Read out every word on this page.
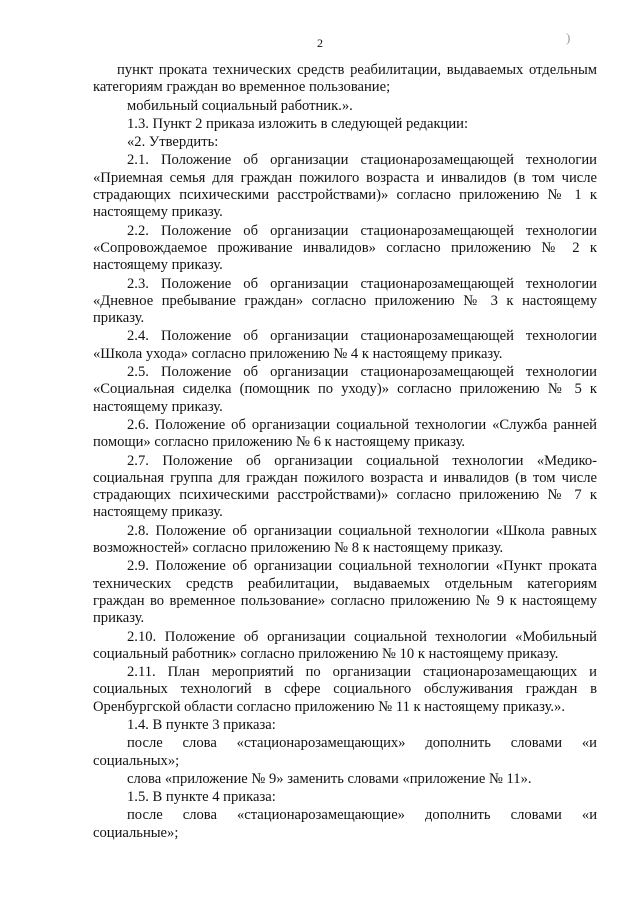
2	)

пункт проката технических средств реабилитации, выдаваемых отдельным категориям граждан во временное пользование;

мобильный социальный работник.».

1.3. Пункт 2 приказа изложить в следующей редакции:

«2. Утвердить:

2.1. Положение об организации стационарозамещающей технологии «Приемная семья для граждан пожилого возраста и инвалидов (в том числе страдающих психическими расстройствами)» согласно приложению № 1 к настоящему приказу.

2.2. Положение об организации стационарозамещающей технологии «Сопровождаемое проживание инвалидов» согласно приложению № 2 к настоящему приказу.

2.3. Положение об организации стационарозамещающей технологии «Дневное пребывание граждан» согласно приложению № 3 к настоящему приказу.

2.4. Положение об организации стационарозамещающей технологии «Школа ухода» согласно приложению № 4 к настоящему приказу.

2.5. Положение об организации стационарозамещающей технологии «Социальная сиделка (помощник по уходу)» согласно приложению № 5 к настоящему приказу.

2.6. Положение об организации социальной технологии «Служба ранней помощи» согласно приложению № 6 к настоящему приказу.

2.7. Положение об организации социальной технологии «Медико-социальная группа для граждан пожилого возраста и инвалидов (в том числе страдающих психическими расстройствами)» согласно приложению № 7 к настоящему приказу.

2.8. Положение об организации социальной технологии «Школа равных возможностей» согласно приложению № 8 к настоящему приказу.

2.9. Положение об организации социальной технологии «Пункт проката технических средств реабилитации, выдаваемых отдельным категориям граждан во временное пользование» согласно приложению № 9 к настоящему приказу.

2.10. Положение об организации социальной технологии «Мобильный социальный работник» согласно приложению № 10 к настоящему приказу.

2.11. План мероприятий по организации стационарозамещающих и социальных технологий в сфере социального обслуживания граждан в Оренбургской области согласно приложению № 11 к настоящему приказу.».

1.4. В пункте 3 приказа:

после слова «стационарозамещающих» дополнить словами «и социальных»;

слова «приложение № 9» заменить словами «приложение № 11».

1.5. В пункте 4 приказа:

после слова «стационарозамещающие» дополнить словами «и социальные»;
